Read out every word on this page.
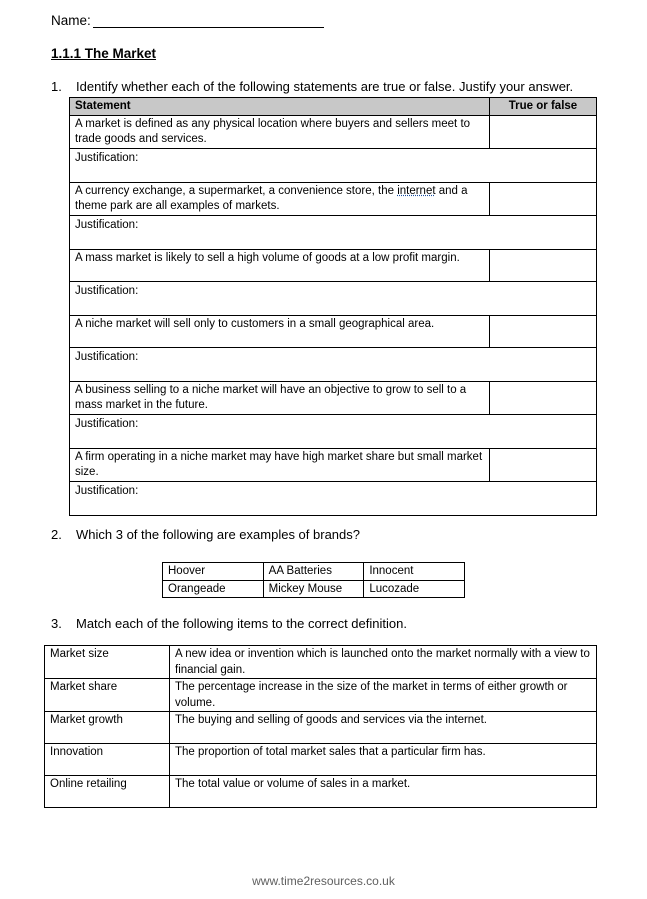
Name:
1.1.1 The Market
1. Identify whether each of the following statements are true or false. Justify your answer.
Statement	True or false
A market is defined as any physical location where buyers and sellers meet to trade goods and services.	
Justification:	
A currency exchange, a supermarket, a convenience store, the internet and a theme park are all examples of markets.	
Justification:	
A mass market is likely to sell a high volume of goods at a low profit margin.	
Justification:	
A niche market will sell only to customers in a small geographical area.	
Justification:	
A business selling to a niche market will have an objective to grow to sell to a mass market in the future.	
Justification:	
A firm operating in a niche market may have high market share but small market size.	
Justification:	
2. Which 3 of the following are examples of brands?
Hoover	AA Batteries	Innocent
Orangeade	Mickey Mouse	Lucozade
3. Match each of the following items to the correct definition.
Market size	A new idea or invention which is launched onto the market normally with a view to financial gain.
Market share	The percentage increase in the size of the market in terms of either growth or volume.
Market growth	The buying and selling of goods and services via the internet.
Innovation	The proportion of total market sales that a particular firm has.
Online retailing	The total value or volume of sales in a market.
www.time2resources.co.uk
